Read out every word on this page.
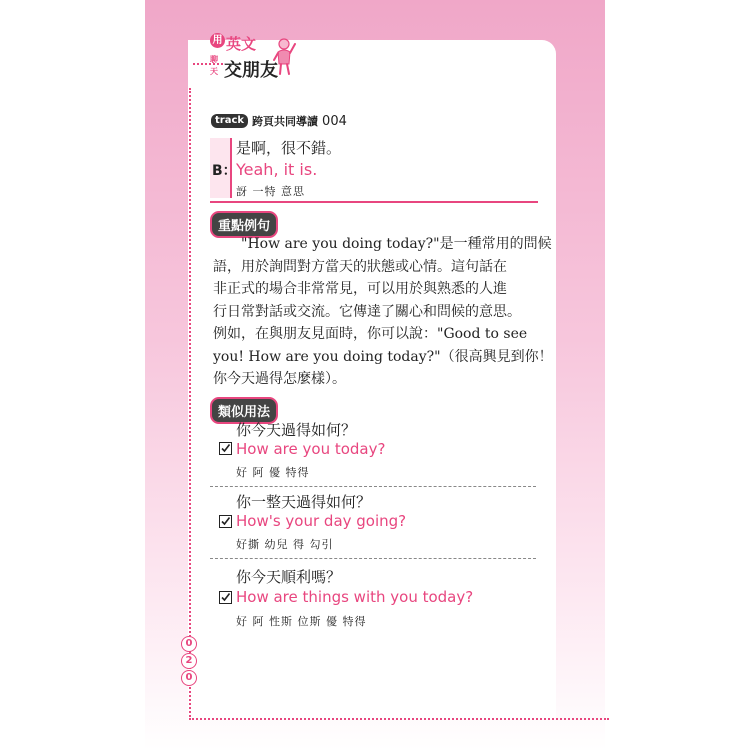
用 英文
聊
天 交朋友
track 跨頁共同導讀 004
B：
是啊，很不錯。
Yeah, it is.
訝 一特 意思
重點例句
"How are you doing today?"是一種常用的問候
語，用於詢問對方當天的狀態或心情。這句話在
非正式的場合非常常見，可以用於與熟悉的人進
行日常對話或交流。它傳達了關心和問候的意思。
例如，在與朋友見面時，你可以說："Good to see
you! How are you doing today?"（很高興見到你！
你今天過得怎麼樣）。
類似用法
你今天過得如何？
How are you today?
好 阿 優 特得
你一整天過得如何？
How's your day going?
好撕 幼兒 得 勾引
你今天順利嗎？
How are things with you today?
好 阿 性斯 位斯 優 特得
0
2
0
